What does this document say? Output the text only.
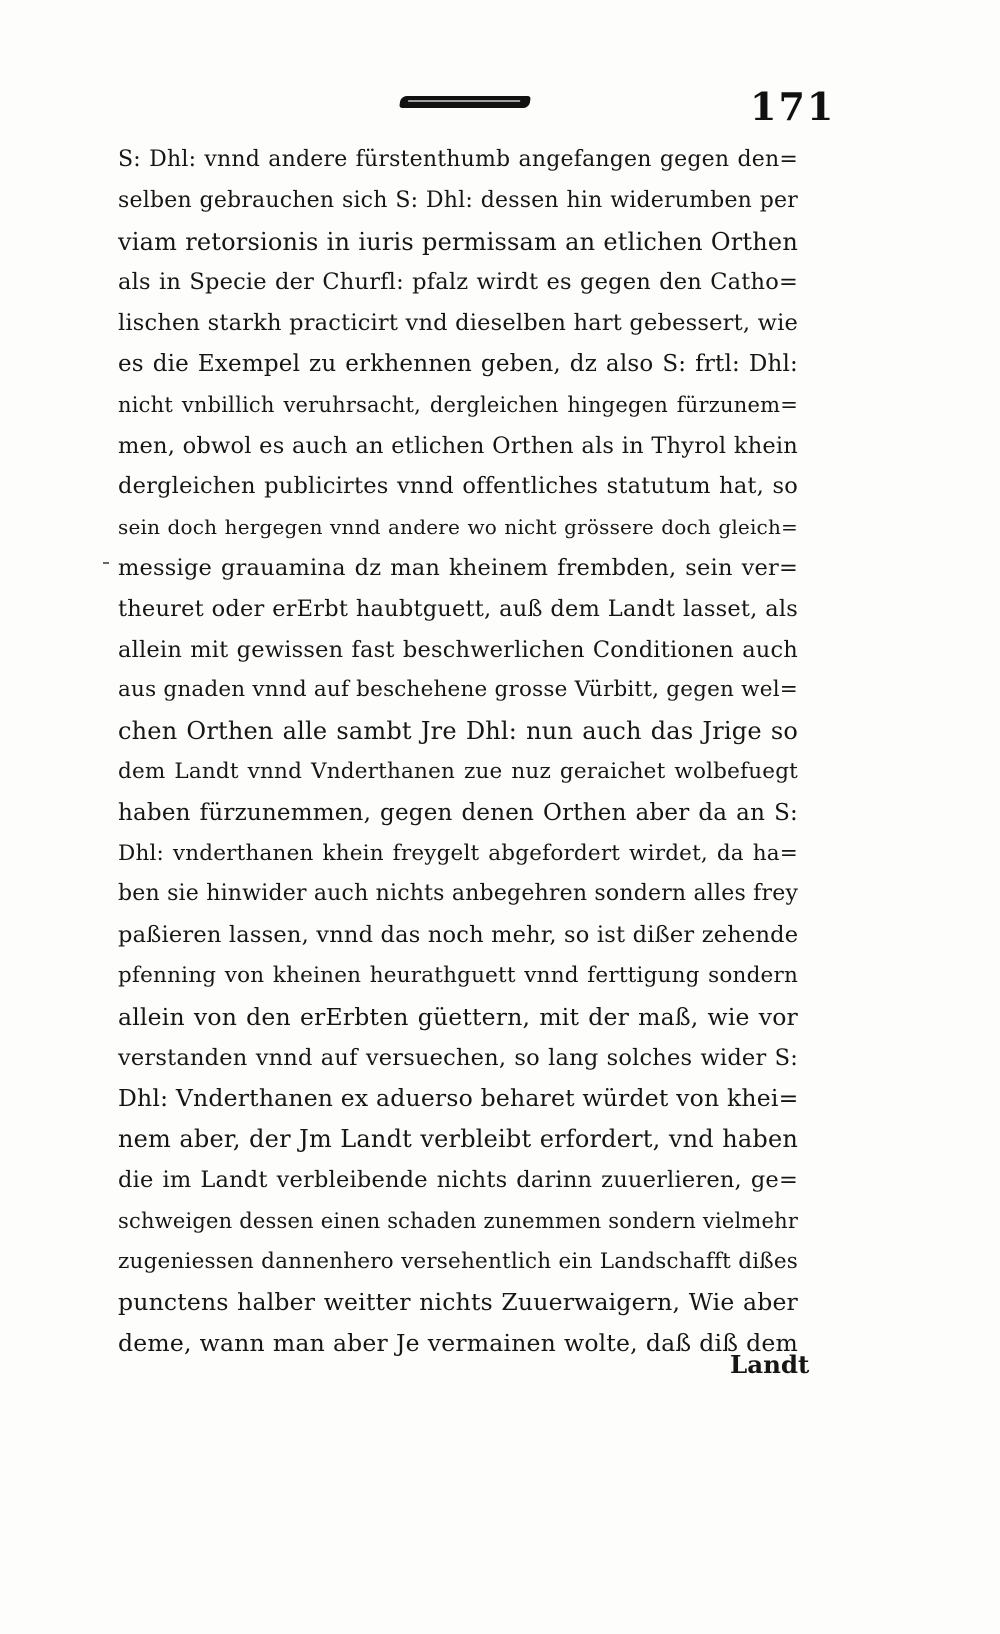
171
S: Dhl: vnnd andere fürstenthumb angefangen gegen den=
selben gebrauchen sich S: Dhl: dessen hin widerumben per
viam retorsionis in iuris permissam an etlichen Orthen
als in Specie der Churfl: pfalz wirdt es gegen den Catho=
lischen starkh practicirt vnd dieselben hart gebessert, wie
es die Exempel zu erkhennen geben, dz also S: frtl: Dhl:
nicht vnbillich veruhrsacht, dergleichen hingegen fürzunem=
men, obwol es auch an etlichen Orthen als in Thyrol khein
dergleichen publicirtes vnnd offentliches statutum hat, so
sein doch hergegen vnnd andere wo nicht grössere doch gleich=
messige grauamina dz man kheinem frembden, sein ver=
theuret oder erErbt haubtguett, auß dem Landt lasset, als
allein mit gewissen fast beschwerlichen Conditionen auch
aus gnaden vnnd auf beschehene grosse Vürbitt, gegen wel=
chen Orthen alle sambt Jre Dhl: nun auch das Jrige so
dem Landt vnnd Vnderthanen zue nuz geraichet wolbefuegt
haben fürzunemmen, gegen denen Orthen aber da an S:
Dhl: vnderthanen khein freygelt abgefordert wirdet, da ha=
ben sie hinwider auch nichts anbegehren sondern alles frey
paßieren lassen, vnnd das noch mehr, so ist dißer zehende
pfenning von kheinen heurathguett vnnd ferttigung sondern
allein von den erErbten güettern, mit der maß, wie vor
verstanden vnnd auf versuechen, so lang solches wider S:
Dhl: Vnderthanen ex aduerso beharet würdet von khei=
nem aber, der Jm Landt verbleibt erfordert, vnd haben
die im Landt verbleibende nichts darinn zuuerlieren, ge=
schweigen dessen einen schaden zunemmen sondern vielmehr
zugeniessen dannenhero versehentlich ein Landschafft dißes
punctens halber weitter nichts Zuuerwaigern, Wie aber
deme, wann man aber Je vermainen wolte, daß diß dem
Landt
